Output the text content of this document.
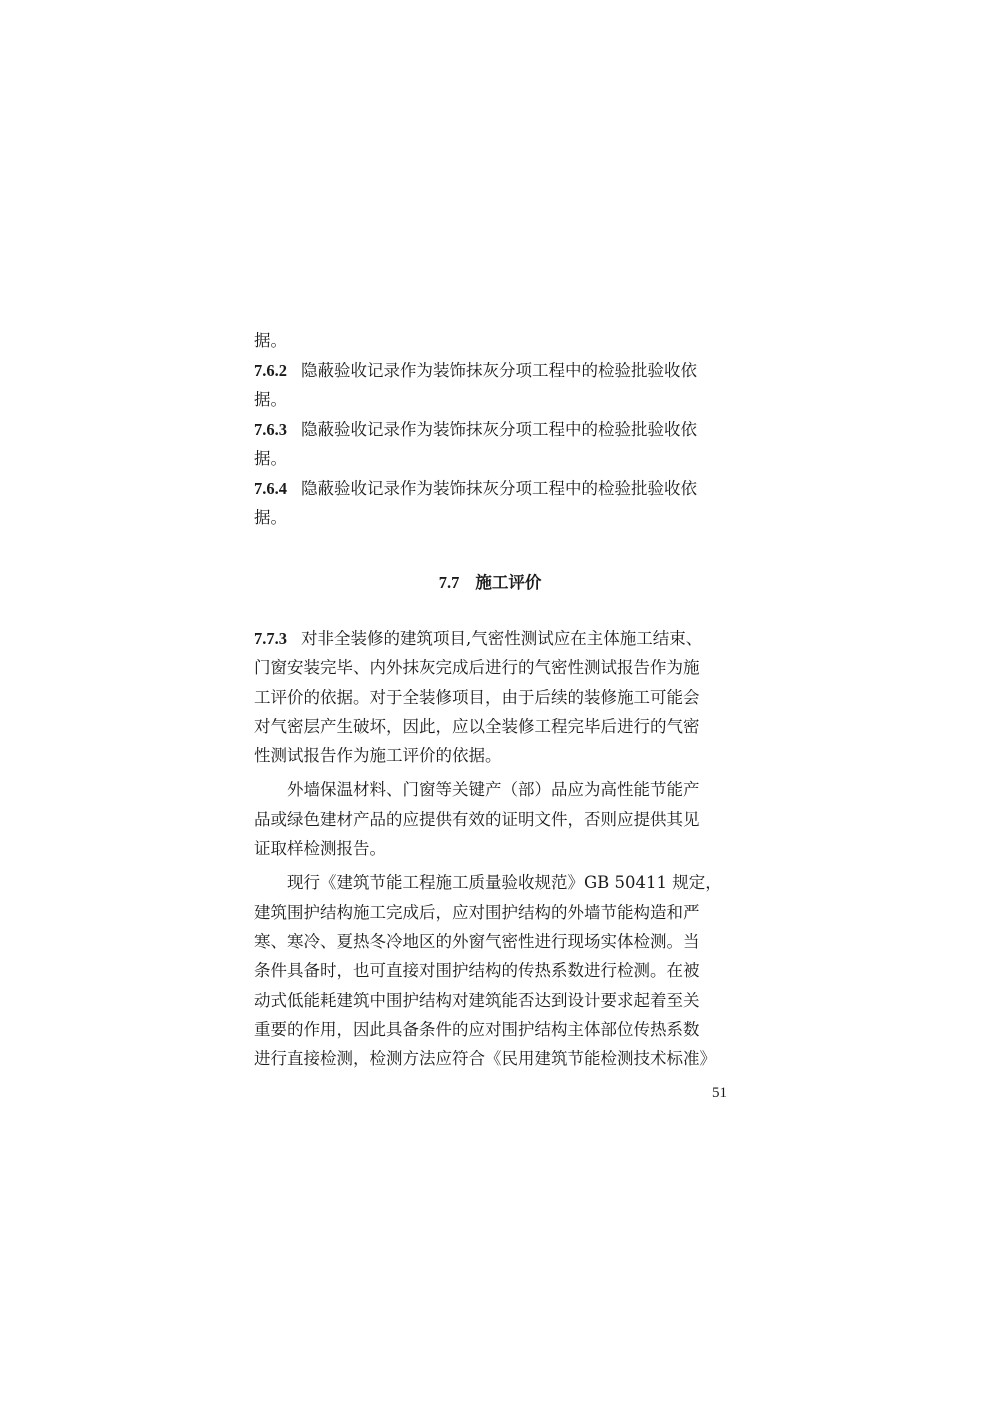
据。
7.6.2 隐蔽验收记录作为装饰抹灰分项工程中的检验批验收依
据。
7.6.3 隐蔽验收记录作为装饰抹灰分项工程中的检验批验收依
据。
7.6.4 隐蔽验收记录作为装饰抹灰分项工程中的检验批验收依
据。
7.7 施工评价
7.7.3 对非全装修的建筑项目,气密性测试应在主体施工结束、
门窗安装完毕、内外抹灰完成后进行的气密性测试报告作为施
工评价的依据。对于全装修项目，由于后续的装修施工可能会
对气密层产生破坏，因此，应以全装修工程完毕后进行的气密
性测试报告作为施工评价的依据。
外墙保温材料、门窗等关键产（部）品应为高性能节能产
品或绿色建材产品的应提供有效的证明文件，否则应提供其见
证取样检测报告。
现行《建筑节能工程施工质量验收规范》GB 50411 规定，
建筑围护结构施工完成后，应对围护结构的外墙节能构造和严
寒、寒冷、夏热冬冷地区的外窗气密性进行现场实体检测。当
条件具备时，也可直接对围护结构的传热系数进行检测。在被
动式低能耗建筑中围护结构对建筑能否达到设计要求起着至关
重要的作用，因此具备条件的应对围护结构主体部位传热系数
进行直接检测，检测方法应符合《民用建筑节能检测技术标准》
51
